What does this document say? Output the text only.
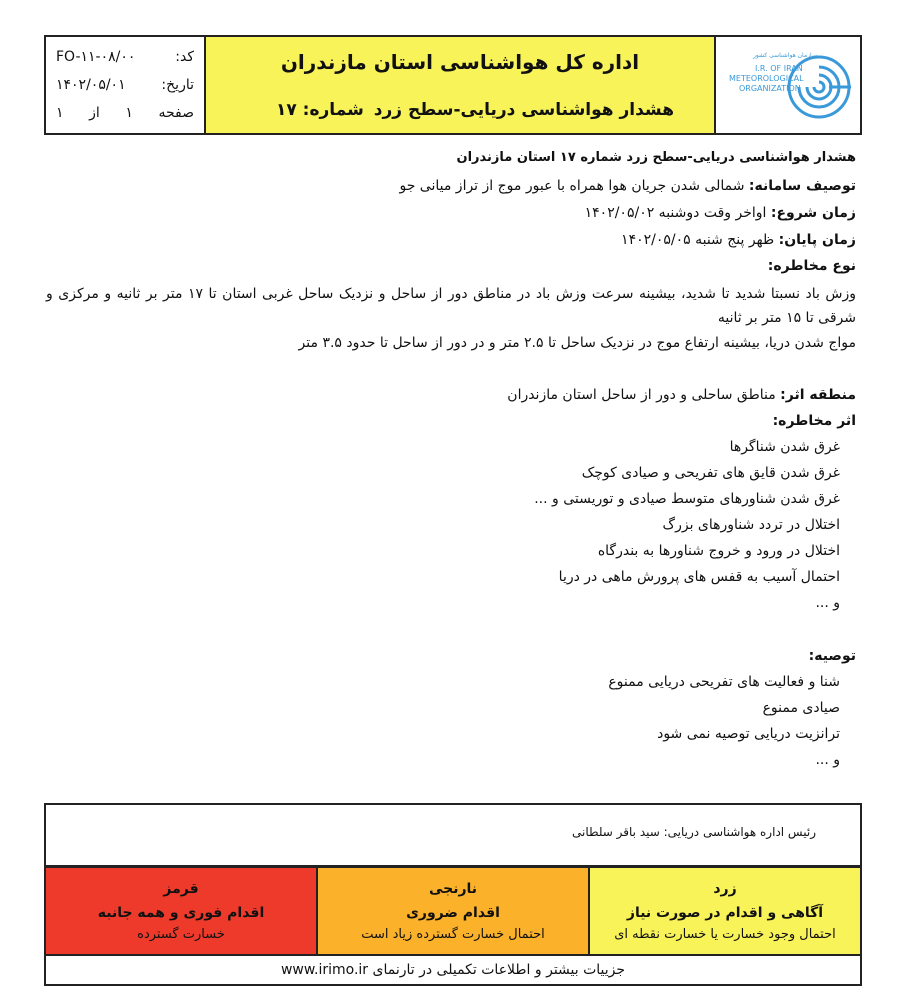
کد:
FO-۱۱-۰۸/۰۰
تاریخ:
۱۴۰۲/۰۵/۰۱
صفحه
۱
از
۱
اداره کل هواشناسی استان مازندران
هشدار هواشناسی دریایی-سطح زرد
شماره: ۱۷
سازمان هواشناسی کشور
I.R. OF IRAN
METEOROLOGICAL
ORGANIZATION
هشدار هواشناسی دریایی-سطح زرد شماره ۱۷ استان مازندران
توصیف سامانه: شمالی شدن جریان هوا همراه با عبور موج از تراز میانی جو
زمان شروع: اواخر وقت دوشنبه ۱۴۰۲/۰۵/۰۲
زمان پایان: ظهر پنج شنبه ۱۴۰۲/۰۵/۰۵
نوع مخاطره:
وزش باد نسبتا شدید تا شدید، بیشینه سرعت وزش باد در مناطق دور از ساحل و نزدیک ساحل غربی استان تا ۱۷ متر بر ثانیه و مرکزی و شرقی تا ۱۵ متر بر ثانیه
مواج شدن دریا، بیشینه ارتفاع موج در نزدیک ساحل تا ۲.۵ متر و در دور از ساحل تا حدود ۳.۵ متر
منطقه اثر: مناطق ساحلی و دور از ساحل استان مازندران
اثر مخاطره:
غرق شدن شناگرها
غرق شدن قایق های تفریحی و صیادی کوچک
غرق شدن شناورهای متوسط صیادی و توریستی و ...
اختلال در تردد شناورهای بزرگ
اختلال در ورود و خروج شناورها به بندرگاه
احتمال آسیب به قفس های پرورش ماهی در دریا
و ...
توصیه:
شنا و فعالیت های تفریحی دریایی ممنوع
صیادی ممنوع
ترانزیت دریایی توصیه نمی شود
و ...
رئیس اداره هواشناسی دریایی: سید باقر سلطانی
زرد
آگاهی و اقدام در صورت نیاز
احتمال وجود خسارت یا خسارت نقطه ای
نارنجی
اقدام ضروری
احتمال خسارت گسترده زیاد است
قرمز
اقدام فوری و همه جانبه
خسارت گسترده
جزییات بیشتر و اطلاعات تکمیلی در تارنمای www.irimo.ir
